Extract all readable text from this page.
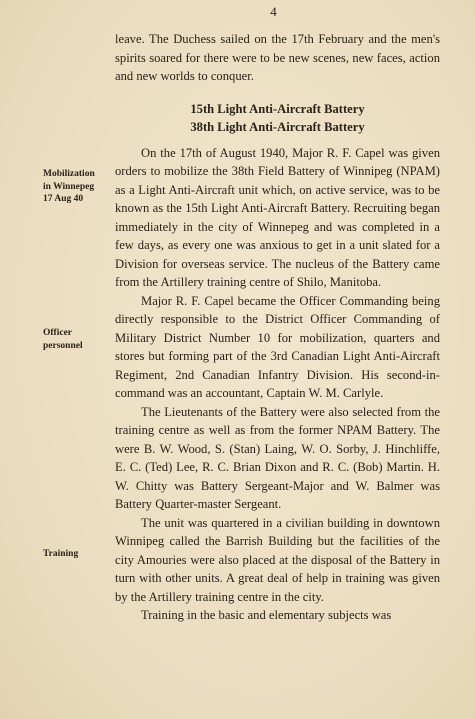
4
Mobilization
in Winnepeg
17 Aug 40
Officer
personnel
Training

leave. The Duchess sailed on the 17th February and the men's spirits soared for there were to be new scenes, new faces, action and new worlds to conquer.

15th Light Anti-Aircraft Battery
38th Light Anti-Aircraft Battery

On the 17th of August 1940, Major R. F. Capel was given orders to mobilize the 38th Field Battery of Winnipeg (NPAM) as a Light Anti-Aircraft unit which, on active service, was to be known as the 15th Light Anti-Aircraft Battery. Recruiting began immediately in the city of Winnepeg and was completed in a few days, as every one was anxious to get in a unit slated for a Division for overseas service. The nucleus of the Battery came from the Artillery training centre of Shilo, Manitoba.

Major R. F. Capel became the Officer Commanding being directly responsible to the District Officer Commanding of Military District Number 10 for mobilization, quarters and stores but forming part of the 3rd Canadian Light Anti-Aircraft Regiment, 2nd Canadian Infantry Division. His second-in-command was an accountant, Captain W. M. Carlyle.

The Lieutenants of the Battery were also selected from the training centre as well as from the former NPAM Battery. The were B. W. Wood, S. (Stan) Laing, W. O. Sorby, J. Hinchliffe, E. C. (Ted) Lee, R. C. Brian Dixon and R. C. (Bob) Martin. H. W. Chitty was Battery Sergeant-Major and W. Balmer was Battery Quarter-master Sergeant.

The unit was quartered in a civilian building in downtown Winnipeg called the Barrish Building but the facilities of the city Amouries were also placed at the disposal of the Battery in turn with other units. A great deal of help in training was given by the Artillery training centre in the city.

Training in the basic and elementary subjects was
